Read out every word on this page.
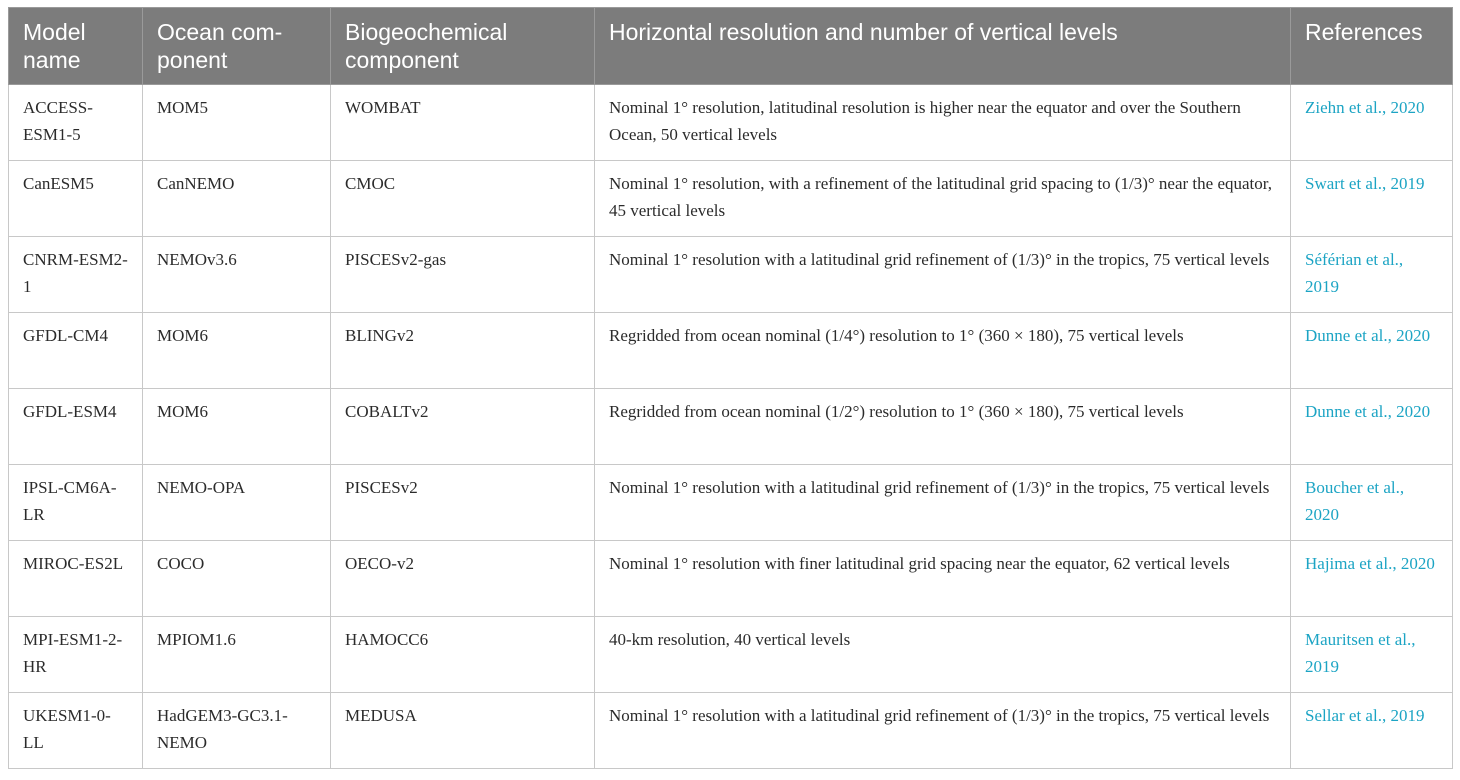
Model name	Ocean com-ponent	Biogeochemical component	Horizontal resolution and number of vertical levels	References
ACCESS-ESM1-5	MOM5	WOMBAT	Nominal 1° resolution, latitudinal resolution is higher near the equator and over the Southern Ocean, 50 vertical levels	Ziehn et al., 2020
CanESM5	CanNEMO	CMOC	Nominal 1° resolution, with a refinement of the latitudinal grid spacing to (1/3)° near the equator, 45 vertical levels	Swart et al., 2019
CNRM-ESM2-1	NEMOv3.6	PISCESv2-gas	Nominal 1° resolution with a latitudinal grid refinement of (1/3)° in the tropics, 75 vertical levels	Séférian et al., 2019
GFDL-CM4	MOM6	BLINGv2	Regridded from ocean nominal (1/4°) resolution to 1° (360 × 180), 75 vertical levels	Dunne et al., 2020
GFDL-ESM4	MOM6	COBALTv2	Regridded from ocean nominal (1/2°) resolution to 1° (360 × 180), 75 vertical levels	Dunne et al., 2020
IPSL-CM6A-LR	NEMO-OPA	PISCESv2	Nominal 1° resolution with a latitudinal grid refinement of (1/3)° in the tropics, 75 vertical levels	Boucher et al., 2020
MIROC-ES2L	COCO	OECO-v2	Nominal 1° resolution with finer latitudinal grid spacing near the equator, 62 vertical levels	Hajima et al., 2020
MPI-ESM1-2-HR	MPIOM1.6	HAMOCC6	40-km resolution, 40 vertical levels	Mauritsen et al., 2019
UKESM1-0-LL	HadGEM3-GC3.1-NEMO	MEDUSA	Nominal 1° resolution with a latitudinal grid refinement of (1/3)° in the tropics, 75 vertical levels	Sellar et al., 2019
